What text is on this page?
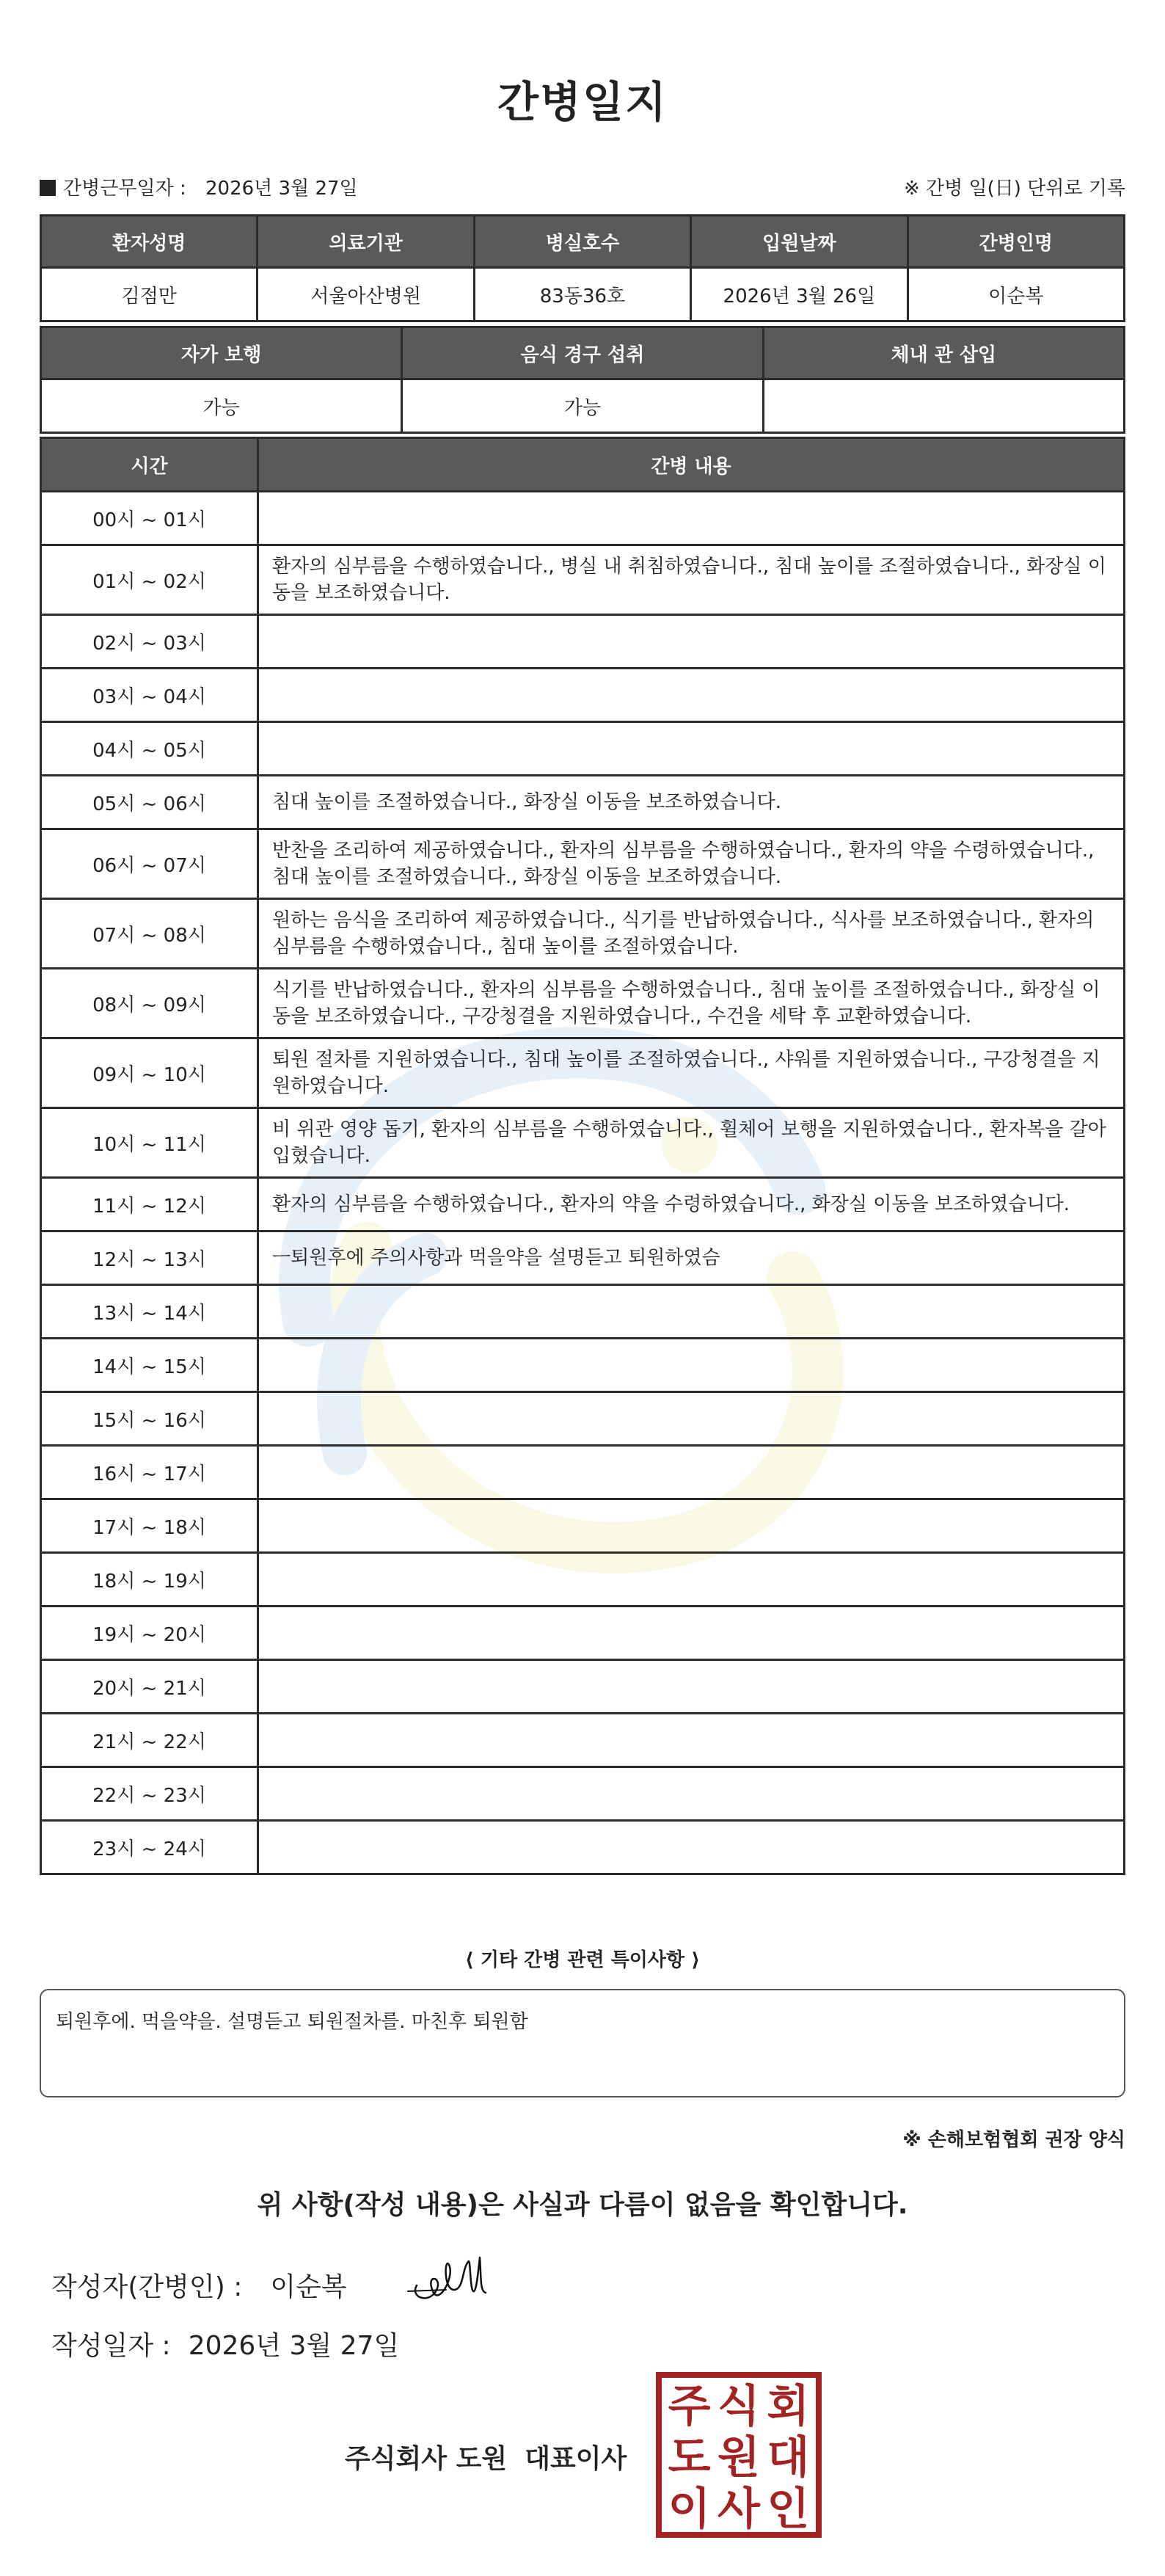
간병일지
간병근무일자 : 2026년 3월 27일	※ 간병 일(日) 단위로 기록
환자성명	의료기관	병실호수	입원날짜	간병인명
김점만	서울아산병원	83동36호	2026년 3월 26일	이순복
자가 보행	음식 경구 섭취	체내 관 삽입
가능	가능	
시간	간병 내용
00시 ~ 01시	
01시 ~ 02시	환자의 심부름을 수행하였습니다., 병실 내 취침하였습니다., 침대 높이를 조절하였습니다., 화장실 이동을 보조하였습니다.
02시 ~ 03시	
03시 ~ 04시	
04시 ~ 05시	
05시 ~ 06시	침대 높이를 조절하였습니다., 화장실 이동을 보조하였습니다.
06시 ~ 07시	반찬을 조리하여 제공하였습니다., 환자의 심부름을 수행하였습니다., 환자의 약을 수령하였습니다., 침대 높이를 조절하였습니다., 화장실 이동을 보조하였습니다.
07시 ~ 08시	원하는 음식을 조리하여 제공하였습니다., 식기를 반납하였습니다., 식사를 보조하였습니다., 환자의 심부름을 수행하였습니다., 침대 높이를 조절하였습니다.
08시 ~ 09시	식기를 반납하였습니다., 환자의 심부름을 수행하였습니다., 침대 높이를 조절하였습니다., 화장실 이동을 보조하였습니다., 구강청결을 지원하였습니다., 수건을 세탁 후 교환하였습니다.
09시 ~ 10시	퇴원 절차를 지원하였습니다., 침대 높이를 조절하였습니다., 샤워를 지원하였습니다., 구강청결을 지원하였습니다.
10시 ~ 11시	비 위관 영양 돕기, 환자의 심부름을 수행하였습니다., 휠체어 보행을 지원하였습니다., 환자복을 갈아입혔습니다.
11시 ~ 12시	환자의 심부름을 수행하였습니다., 환자의 약을 수령하였습니다., 화장실 이동을 보조하였습니다.
12시 ~ 13시	ㅡ퇴원후에 주의사항과 먹을약을 설명듣고 퇴원하였슴
13시 ~ 14시	
14시 ~ 15시	
15시 ~ 16시	
16시 ~ 17시	
17시 ~ 18시	
18시 ~ 19시	
19시 ~ 20시	
20시 ~ 21시	
21시 ~ 22시	
22시 ~ 23시	
23시 ~ 24시	
⟨ 기타 간병 관련 특이사항 ⟩
퇴원후에. 먹을약을. 설명듣고 퇴원절차를. 마친후 퇴원함
※ 손해보험협회 권장 양식
위 사항(작성 내용)은 사실과 다름이 없음을 확인합니다.
작성자(간병인) : 이순복
작성일자 : 2026년 3월 27일
주식회사 도원 대표이사
주 식 회
도 원 대
이 사 인
